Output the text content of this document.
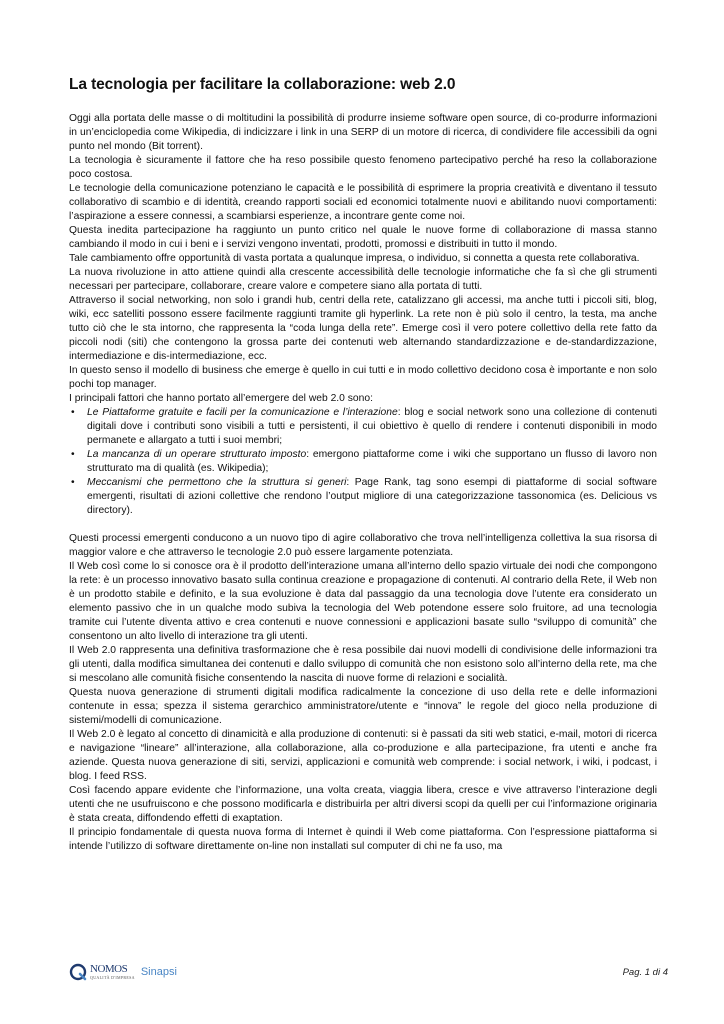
La tecnologia per facilitare la collaborazione: web 2.0

Oggi alla portata delle masse o di moltitudini la possibilità di produrre insieme software open source, di co-produrre informazioni in un’enciclopedia come Wikipedia, di indicizzare i link in una SERP di un motore di ricerca, di condividere file accessibili da ogni punto nel mondo (Bit torrent).

La tecnologia è sicuramente il fattore che ha reso possibile questo fenomeno partecipativo perché ha reso la collaborazione poco costosa.

Le tecnologie della comunicazione potenziano le capacità e le possibilità di esprimere la propria creatività e diventano il tessuto collaborativo di scambio e di identità, creando rapporti sociali ed economici totalmente nuovi e abilitando nuovi comportamenti: l’aspirazione a essere connessi, a scambiarsi esperienze, a incontrare gente come noi.

Questa inedita partecipazione ha raggiunto un punto critico nel quale le nuove forme di collaborazione di massa stanno cambiando il modo in cui i beni e i servizi vengono inventati, prodotti, promossi e distribuiti in tutto il mondo.

Tale cambiamento offre opportunità di vasta portata a qualunque impresa, o individuo, si connetta a questa rete collaborativa.

La nuova rivoluzione in atto attiene quindi alla crescente accessibilità delle tecnologie informatiche che fa sì che gli strumenti necessari per partecipare, collaborare, creare valore e competere siano alla portata di tutti.

Attraverso il social networking, non solo i grandi hub, centri della rete, catalizzano gli accessi, ma anche tutti i piccoli siti, blog, wiki, ecc satelliti possono essere facilmente raggiunti tramite gli hyperlink. La rete non è più solo il centro, la testa, ma anche tutto ciò che le sta intorno, che rappresenta la “coda lunga della rete”. Emerge così il vero potere collettivo della rete fatto da piccoli nodi (siti) che contengono la grossa parte dei contenuti web alternando standardizzazione e de-standardizzazione, intermediazione e dis-intermediazione, ecc.

In questo senso il modello di business che emerge è quello in cui tutti e in modo collettivo decidono cosa è importante e non solo pochi top manager.

I principali fattori che hanno portato all’emergere del web 2.0 sono:

• Le Piattaforme gratuite e facili per la comunicazione e l’interazione: blog e social network sono una collezione di contenuti digitali dove i contributi sono visibili a tutti e persistenti, il cui obiettivo è quello di rendere i contenuti disponibili in modo permanete e allargato a tutti i suoi membri;
• La mancanza di un operare strutturato imposto: emergono piattaforme come i wiki che supportano un flusso di lavoro non strutturato ma di qualità (es. Wikipedia);
• Meccanismi che permettono che la struttura si generi: Page Rank, tag sono esempi di piattaforme di social software emergenti, risultati di azioni collettive che rendono l’output migliore di una categorizzazione tassonomica (es. Delicious vs directory).

Questi processi emergenti conducono a un nuovo tipo di agire collaborativo che trova nell’intelligenza collettiva la sua risorsa di maggior valore e che attraverso le tecnologie 2.0 può essere largamente potenziata.

Il Web così come lo si conosce ora è il prodotto dell’interazione umana all’interno dello spazio virtuale dei nodi che compongono la rete: è un processo innovativo basato sulla continua creazione e propagazione di contenuti. Al contrario della Rete, il Web non è un prodotto stabile e definito, e la sua evoluzione è data dal passaggio da una tecnologia dove l’utente era considerato un elemento passivo che in un qualche modo subiva la tecnologia del Web potendone essere solo fruitore, ad una tecnologia tramite cui l’utente diventa attivo e crea contenuti e nuove connessioni e applicazioni basate sullo “sviluppo di comunità” che consentono un alto livello di interazione tra gli utenti.

Il Web 2.0 rappresenta una definitiva trasformazione che è resa possibile dai nuovi modelli di condivisione delle informazioni tra gli utenti, dalla modifica simultanea dei contenuti e dallo sviluppo di comunità che non esistono solo all’interno della rete, ma che si mescolano alle comunità fisiche consentendo la nascita di nuove forme di relazioni e socialità.

Questa nuova generazione di strumenti digitali modifica radicalmente la concezione di uso della rete e delle informazioni contenute in essa; spezza il sistema gerarchico amministratore/utente e “innova” le regole del gioco nella produzione di sistemi/modelli di comunicazione.

Il Web 2.0 è legato al concetto di dinamicità e alla produzione di contenuti: si è passati da siti web statici, e-mail, motori di ricerca e navigazione “lineare” all’interazione, alla collaborazione, alla co-produzione e alla partecipazione, fra utenti e anche fra aziende. Questa nuova generazione di siti, servizi, applicazioni e comunità web comprende: i social network, i wiki, i podcast, i blog. I feed RSS.

Così facendo appare evidente che l’informazione, una volta creata, viaggia libera, cresce e vive attraverso l’interazione degli utenti che ne usufruiscono e che possono modificarla e distribuirla per altri diversi scopi da quelli per cui l’informazione originaria è stata creata, diffondendo effetti di exaptation.

Il principio fondamentale di questa nuova forma di Internet è quindi il Web come piattaforma. Con l’espressione piattaforma si intende l’utilizzo di software direttamente on-line non installati sul computer di chi ne fa uso, ma

NOMOS
QUALITÀ D'IMPRESA Sinapsi	Pag. 1 di 4
